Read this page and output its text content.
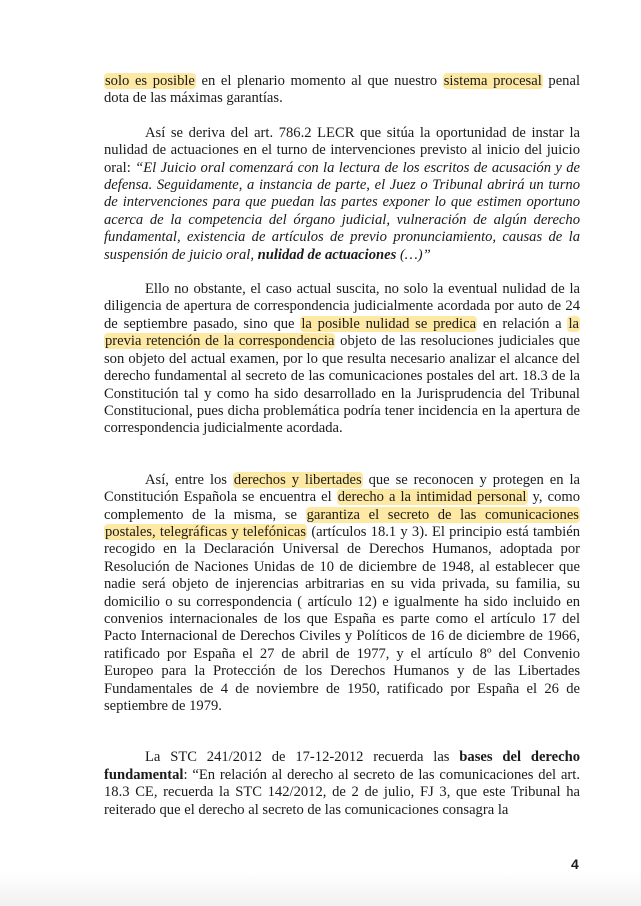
solo es posible en el plenario momento al que nuestro sistema procesal penal dota de las máximas garantías.

Así se deriva del art. 786.2 LECR que sitúa la oportunidad de instar la nulidad de actuaciones en el turno de intervenciones previsto al inicio del juicio oral: “El Juicio oral comenzará con la lectura de los escritos de acusación y de defensa. Seguidamente, a instancia de parte, el Juez o Tribunal abrirá un turno de intervenciones para que puedan las partes exponer lo que estimen oportuno acerca de la competencia del órgano judicial, vulneración de algún derecho fundamental, existencia de artículos de previo pronunciamiento, causas de la suspensión de juicio oral, nulidad de actuaciones (…)”

Ello no obstante, el caso actual suscita, no solo la eventual nulidad de la diligencia de apertura de correspondencia judicialmente acordada por auto de 24 de septiembre pasado, sino que la posible nulidad se predica en relación a la previa retención de la correspondencia objeto de las resoluciones judiciales que son objeto del actual examen, por lo que resulta necesario analizar el alcance del derecho fundamental al secreto de las comunicaciones postales del art. 18.3 de la Constitución tal y como ha sido desarrollado en la Jurisprudencia del Tribunal Constitucional, pues dicha problemática podría tener incidencia en la apertura de correspondencia judicialmente acordada.

Así, entre los derechos y libertades que se reconocen y protegen en la Constitución Española se encuentra el derecho a la intimidad personal y, como complemento de la misma, se garantiza el secreto de las comunicaciones postales, telegráficas y telefónicas (artículos 18.1 y 3). El principio está también recogido en la Declaración Universal de Derechos Humanos, adoptada por Resolución de Naciones Unidas de 10 de diciembre de 1948, al establecer que nadie será objeto de injerencias arbitrarias en su vida privada, su familia, su domicilio o su correspondencia ( artículo 12) e igualmente ha sido incluido en convenios internacionales de los que España es parte como el artículo 17 del Pacto Internacional de Derechos Civiles y Políticos de 16 de diciembre de 1966, ratificado por España el 27 de abril de 1977, y el artículo 8º del Convenio Europeo para la Protección de los Derechos Humanos y de las Libertades Fundamentales de 4 de noviembre de 1950, ratificado por España el 26 de septiembre de 1979.

La STC 241/2012 de 17-12-2012 recuerda las bases del derecho fundamental: “En relación al derecho al secreto de las comunicaciones del art. 18.3 CE, recuerda la STC 142/2012, de 2 de julio, FJ 3, que este Tribunal ha reiterado que el derecho al secreto de las comunicaciones consagra la

4
